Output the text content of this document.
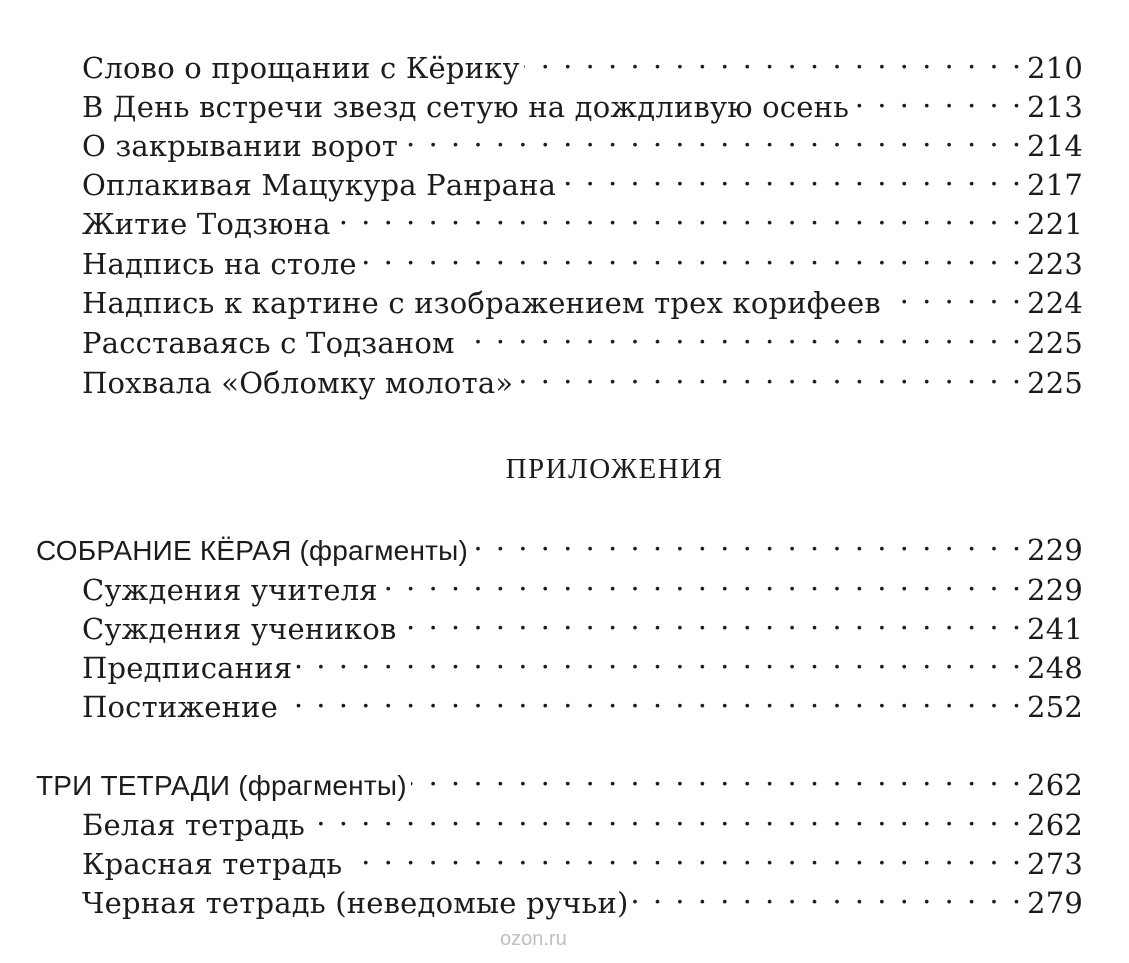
Слово о прощании с Кёрику . . .	210
В День встречи звезд сетую на дождливую осень . . .	213
О закрывании ворот . . .	214
Оплакивая Мацукура Ранрана . . .	217
Житие Тодзюна . . .	221
Надпись на столе . . .	223
Надпись к картине с изображением трех корифеев . . .	224
Расставаясь с Тодзаном . . .	225
Похвала «Обломку молота» . . .	225
ПРИЛОЖЕНИЯ
СОБРАНИЕ КЁРАЯ (фрагменты) . . .	229
Суждения учителя . . .	229
Суждения учеников . . .	241
Предписания . . .	248
Постижение . . .	252
ТРИ ТЕТРАДИ (фрагменты) . . .	262
Белая тетрадь . . .	262
Красная тетрадь . . .	273
Черная тетрадь (неведомые ручьи) . . .	279
ozon.ru
